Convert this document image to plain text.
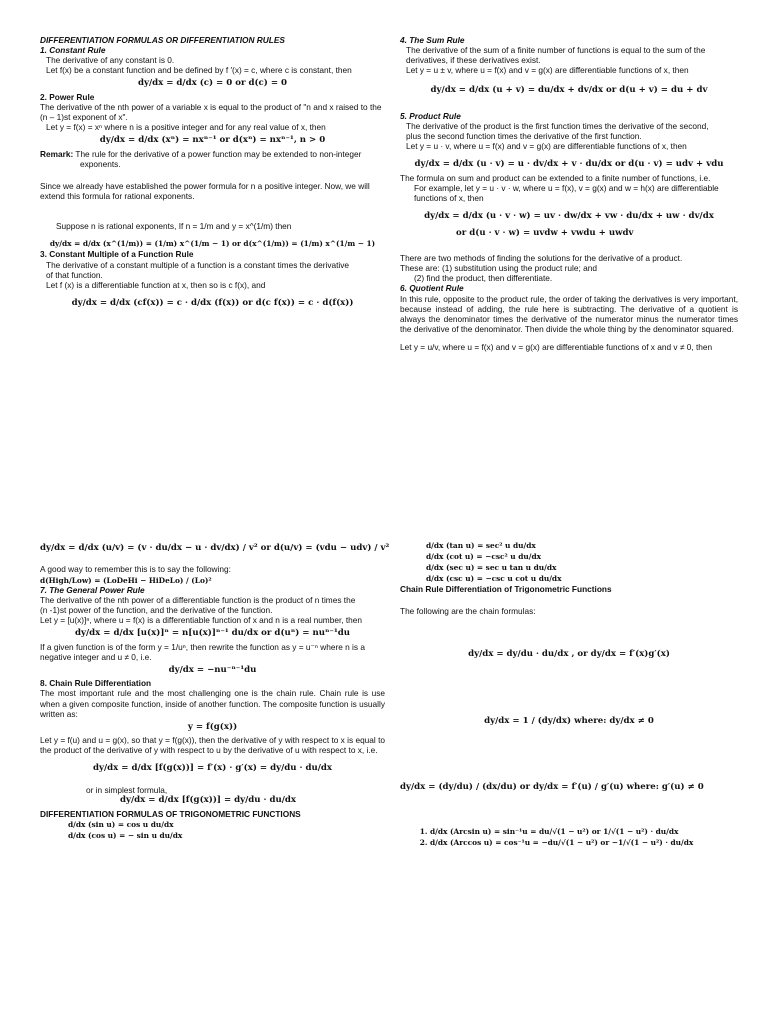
DIFFERENTIATION FORMULAS OR DIFFERENTIATION RULES

1. Constant Rule

The derivative of any constant is 0.

Let f(x) be a constant function and be defined by f ′(x) = c, where c is constant, then

dy/dx = d/dx (c) = 0 or d(c) = 0

2. Power Rule

The derivative of the nth power of a variable x is equal to the product of "n and x raised to the (n – 1)st exponent of x".

Let y = f(x) = xⁿ where n is a positive integer and for any real value of x, then

dy/dx = d/dx (xⁿ) = nxⁿ⁻¹ or d(xⁿ) = nxⁿ⁻¹, n > 0

Remark: The rule for the derivative of a power function may be extended to non-integer

exponents.

Since we already have established the power formula for n a positive integer. Now, we will

extend this formula for rational exponents.

Suppose n is rational exponents, If n = 1/m and y = x^(1/m) then

dy/dx = d/dx (x^(1/m)) = (1/m) x^(1/m − 1) or d(x^(1/m)) = (1/m) x^(1/m − 1)

3. Constant Multiple of a Function Rule

The derivative of a constant multiple of a function is a constant times the derivative

of that function.

Let f (x) is a differentiable function at x, then so is c f(x), and

dy/dx = d/dx (cf(x)) = c · d/dx (f(x)) or d(c f(x)) = c · d(f(x))

4. The Sum Rule

The derivative of the sum of a finite number of functions is equal to the sum of the derivatives, if these derivatives exist.

Let y = u ± v, where u = f(x) and v = g(x) are differentiable functions of x, then

dy/dx = d/dx (u + v) = du/dx + dv/dx or d(u + v) = du + dv

5. Product Rule

The derivative of the product is the first function times the derivative of the second,

plus the second function times the derivative of the first function.

Let y = u · v, where u = f(x) and v = g(x) are differentiable functions of x, then

dy/dx = d/dx (u · v) = u · dv/dx + v · du/dx or d(u · v) = udv + vdu

The formula on sum and product can be extended to a finite number of functions, i.e.

For example, let y = u · v · w, where u = f(x), v = g(x) and w = h(x) are differentiable functions of x, then

dy/dx = d/dx (u · v · w) = uv · dw/dx + vw · du/dx + uw · dv/dx

or d(u · v · w) = uvdw + vwdu + uwdv

There are two methods of finding the solutions for the derivative of a product.

These are: (1) substitution using the product rule; and

(2) find the product, then differentiate.

6. Quotient Rule

In this rule, opposite to the product rule, the order of taking the derivatives is very important, because instead of adding, the rule here is subtracting. The derivative of a quotient is always the denominator times the derivative of the numerator minus the numerator times the derivative of the denominator. Then divide the whole thing by the denominator squared.

Let y = u/v, where u = f(x) and v = g(x) are differentiable functions of x and v ≠ 0, then

dy/dx = d/dx (u/v) = (v · du/dx − u · dv/dx) / v² or d(u/v) = (vdu − udv) / v²

A good way to remember this is to say the following: d(High/Low) = (LoDeHi − HiDeLo) / (Lo)²

7. The General Power Rule

The derivative of the nth power of a differentiable function is the product of n times the

(n -1)st power of the function, and the derivative of the function.

Let y = [u(x)]ⁿ, where u = f(x) is a differentiable function of x and n is a real number, then

dy/dx = d/dx [u(x)]ⁿ = n[u(x)]ⁿ⁻¹ du/dx or d(uⁿ) = nuⁿ⁻¹du

If a given function is of the form y = 1/uⁿ, then rewrite the function as y = u⁻ⁿ where n is a negative integer and u ≠ 0, i.e.

dy/dx = −nu⁻ⁿ⁻¹du

8. Chain Rule Differentiation

The most important rule and the most challenging one is the chain rule. Chain rule is use when a given composite function, inside of another function. The composite function is usually written as:

y = f(g(x))

Let y = f(u) and u = g(x), so that y = f(g(x)), then the derivative of y with respect to x is equal to the product of the derivative of y with respect to u by the derivative of u with respect to x, i.e.

dy/dx = d/dx [f(g(x))] = f′(x) · g′(x) = dy/du · du/dx

or in simplest formula,

dy/dx = d/dx [f(g(x))] = dy/du · du/dx

DIFFERENTIATION FORMULAS OF TRIGONOMETRIC FUNCTIONS

d/dx (sin u) = cos u du/dx

d/dx (cos u) = − sin u du/dx

d/dx (tan u) = sec² u du/dx

d/dx (cot u) = −csc² u du/dx

d/dx (sec u) = sec u tan u du/dx

d/dx (csc u) = −csc u cot u du/dx

Chain Rule Differentiation of Trigonometric Functions

The following are the chain formulas:

dy/dx = dy/du · du/dx , or dy/dx = f′(x)g′(x)

dy/dx = 1 / (dy/dx) where: dy/dx ≠ 0

dy/dx = (dy/du) / (dx/du) or dy/dx = f′(u) / g′(u) where: g′(u) ≠ 0

1. d/dx (Arcsin u) = sin⁻¹u = du/√(1 − u²) or 1/√(1 − u²) · du/dx
2. d/dx (Arccos u) = cos⁻¹u = −du/√(1 − u²) or −1/√(1 − u²) · du/dx
